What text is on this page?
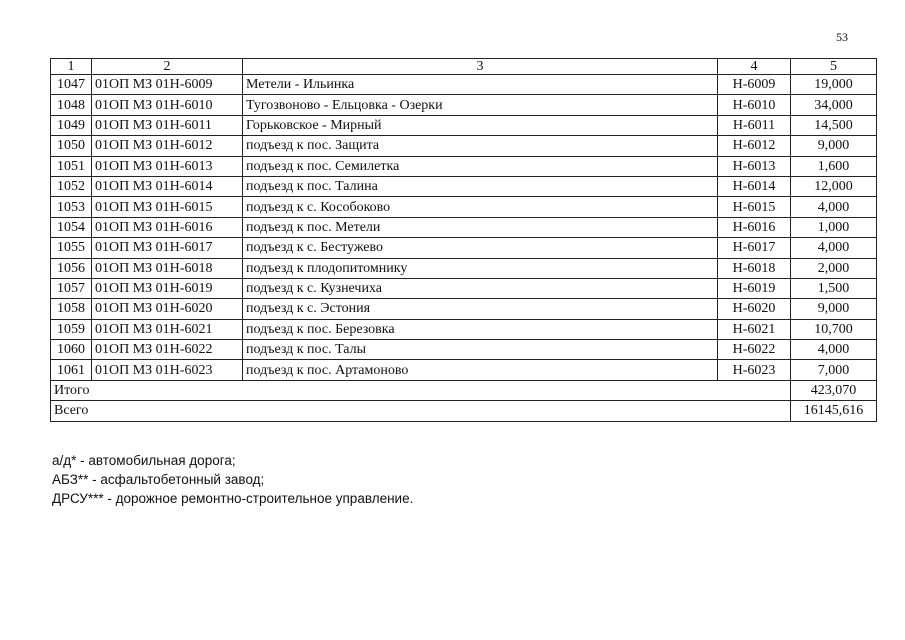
53
1	2	3	4	5
1047	01ОП МЗ 01Н-6009	Метели - Ильинка	Н-6009	19,000
1048	01ОП МЗ 01Н-6010	Тугозвоново - Ельцовка - Озерки	Н-6010	34,000
1049	01ОП МЗ 01Н-6011	Горьковское - Мирный	Н-6011	14,500
1050	01ОП МЗ 01Н-6012	подъезд к пос. Защита	Н-6012	9,000
1051	01ОП МЗ 01Н-6013	подъезд к пос. Семилетка	Н-6013	1,600
1052	01ОП МЗ 01Н-6014	подъезд к пос. Талина	Н-6014	12,000
1053	01ОП МЗ 01Н-6015	подъезд к с. Кособоково	Н-6015	4,000
1054	01ОП МЗ 01Н-6016	подъезд к пос. Метели	Н-6016	1,000
1055	01ОП МЗ 01Н-6017	подъезд к с. Бестужево	Н-6017	4,000
1056	01ОП МЗ 01Н-6018	подъезд к плодопитомнику	Н-6018	2,000
1057	01ОП МЗ 01Н-6019	подъезд к с. Кузнечиха	Н-6019	1,500
1058	01ОП МЗ 01Н-6020	подъезд к с. Эстония	Н-6020	9,000
1059	01ОП МЗ 01Н-6021	подъезд к пос. Березовка	Н-6021	10,700
1060	01ОП МЗ 01Н-6022	подъезд к пос. Талы	Н-6022	4,000
1061	01ОП МЗ 01Н-6023	подъезд к пос. Артамоново	Н-6023	7,000
Итого				423,070
Всего				16145,616
а/д* - автомобильная дорога;
АБЗ** - асфальтобетонный завод;
ДРСУ*** - дорожное ремонтно-строительное управление.
